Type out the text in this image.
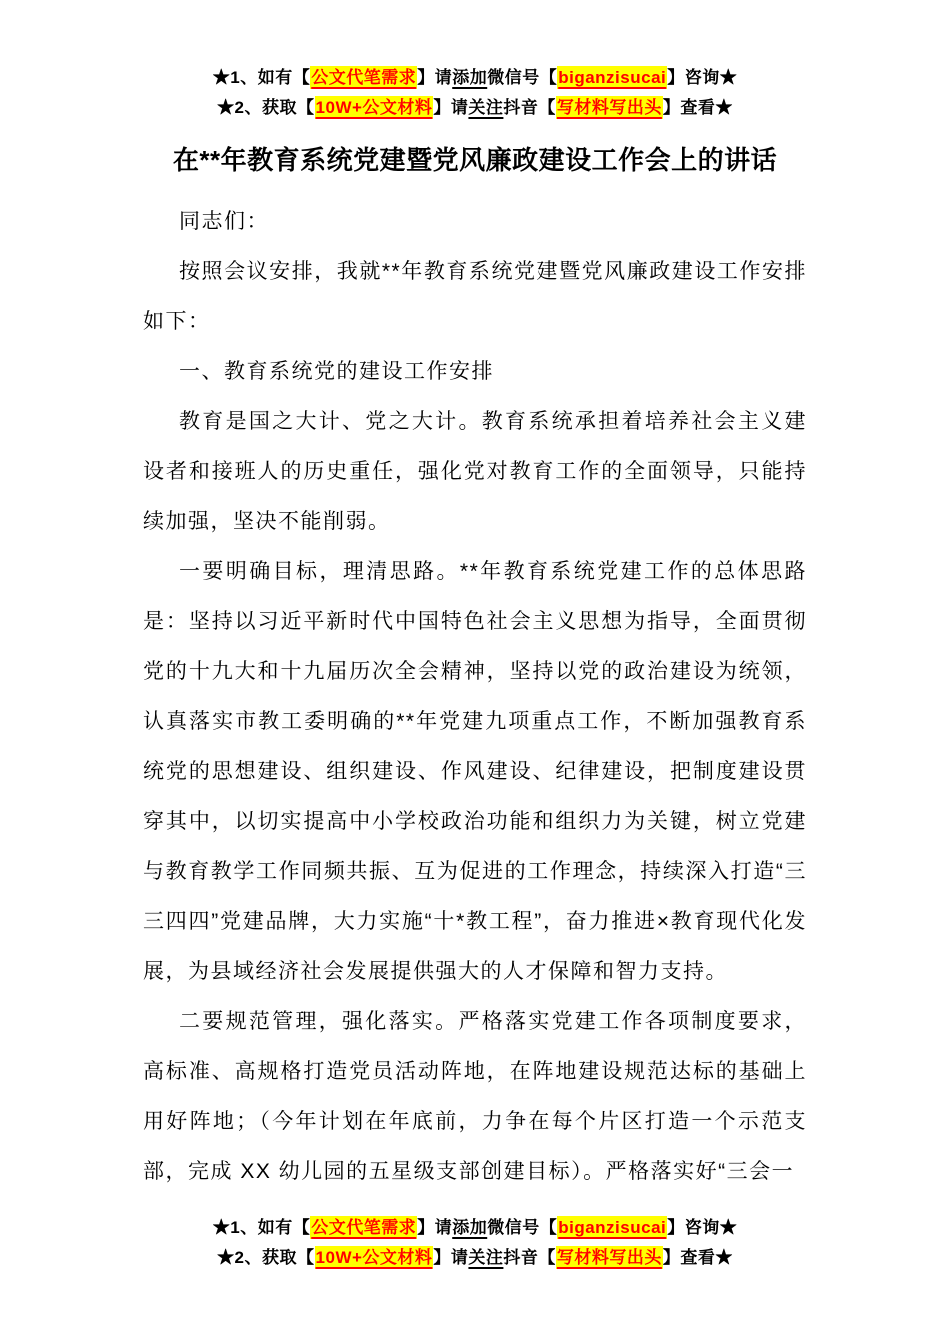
★1、如有【公文代笔需求】请添加微信号【biganzisucai】咨询★
★2、获取【10W+公文材料】请关注抖音【写材料写出头】查看★
在**年教育系统党建暨党风廉政建设工作会上的讲话

同志们：

按照会议安排，我就**年教育系统党建暨党风廉政建设工作安排如下：

一、教育系统党的建设工作安排

教育是国之大计、党之大计。教育系统承担着培养社会主义建设者和接班人的历史重任，强化党对教育工作的全面领导，只能持续加强，坚决不能削弱。

一要明确目标，理清思路。**年教育系统党建工作的总体思路是：坚持以习近平新时代中国特色社会主义思想为指导，全面贯彻党的十九大和十九届历次全会精神，坚持以党的政治建设为统领，认真落实市教工委明确的**年党建九项重点工作，不断加强教育系统党的思想建设、组织建设、作风建设、纪律建设，把制度建设贯穿其中，以切实提高中小学校政治功能和组织力为关键，树立党建与教育教学工作同频共振、互为促进的工作理念，持续深入打造“三三四四”党建品牌，大力实施“十*教工程”，奋力推进×教育现代化发展，为县域经济社会发展提供强大的人才保障和智力支持。

二要规范管理，强化落实。严格落实党建工作各项制度要求，高标准、高规格打造党员活动阵地，在阵地建设规范达标的基础上用好阵地；（今年计划在年底前，力争在每个片区打造一个示范支部，完成 XX 幼儿园的五星级支部创建目标）。严格落实好“三会一

★1、如有【公文代笔需求】请添加微信号【biganzisucai】咨询★
★2、获取【10W+公文材料】请关注抖音【写材料写出头】查看★
